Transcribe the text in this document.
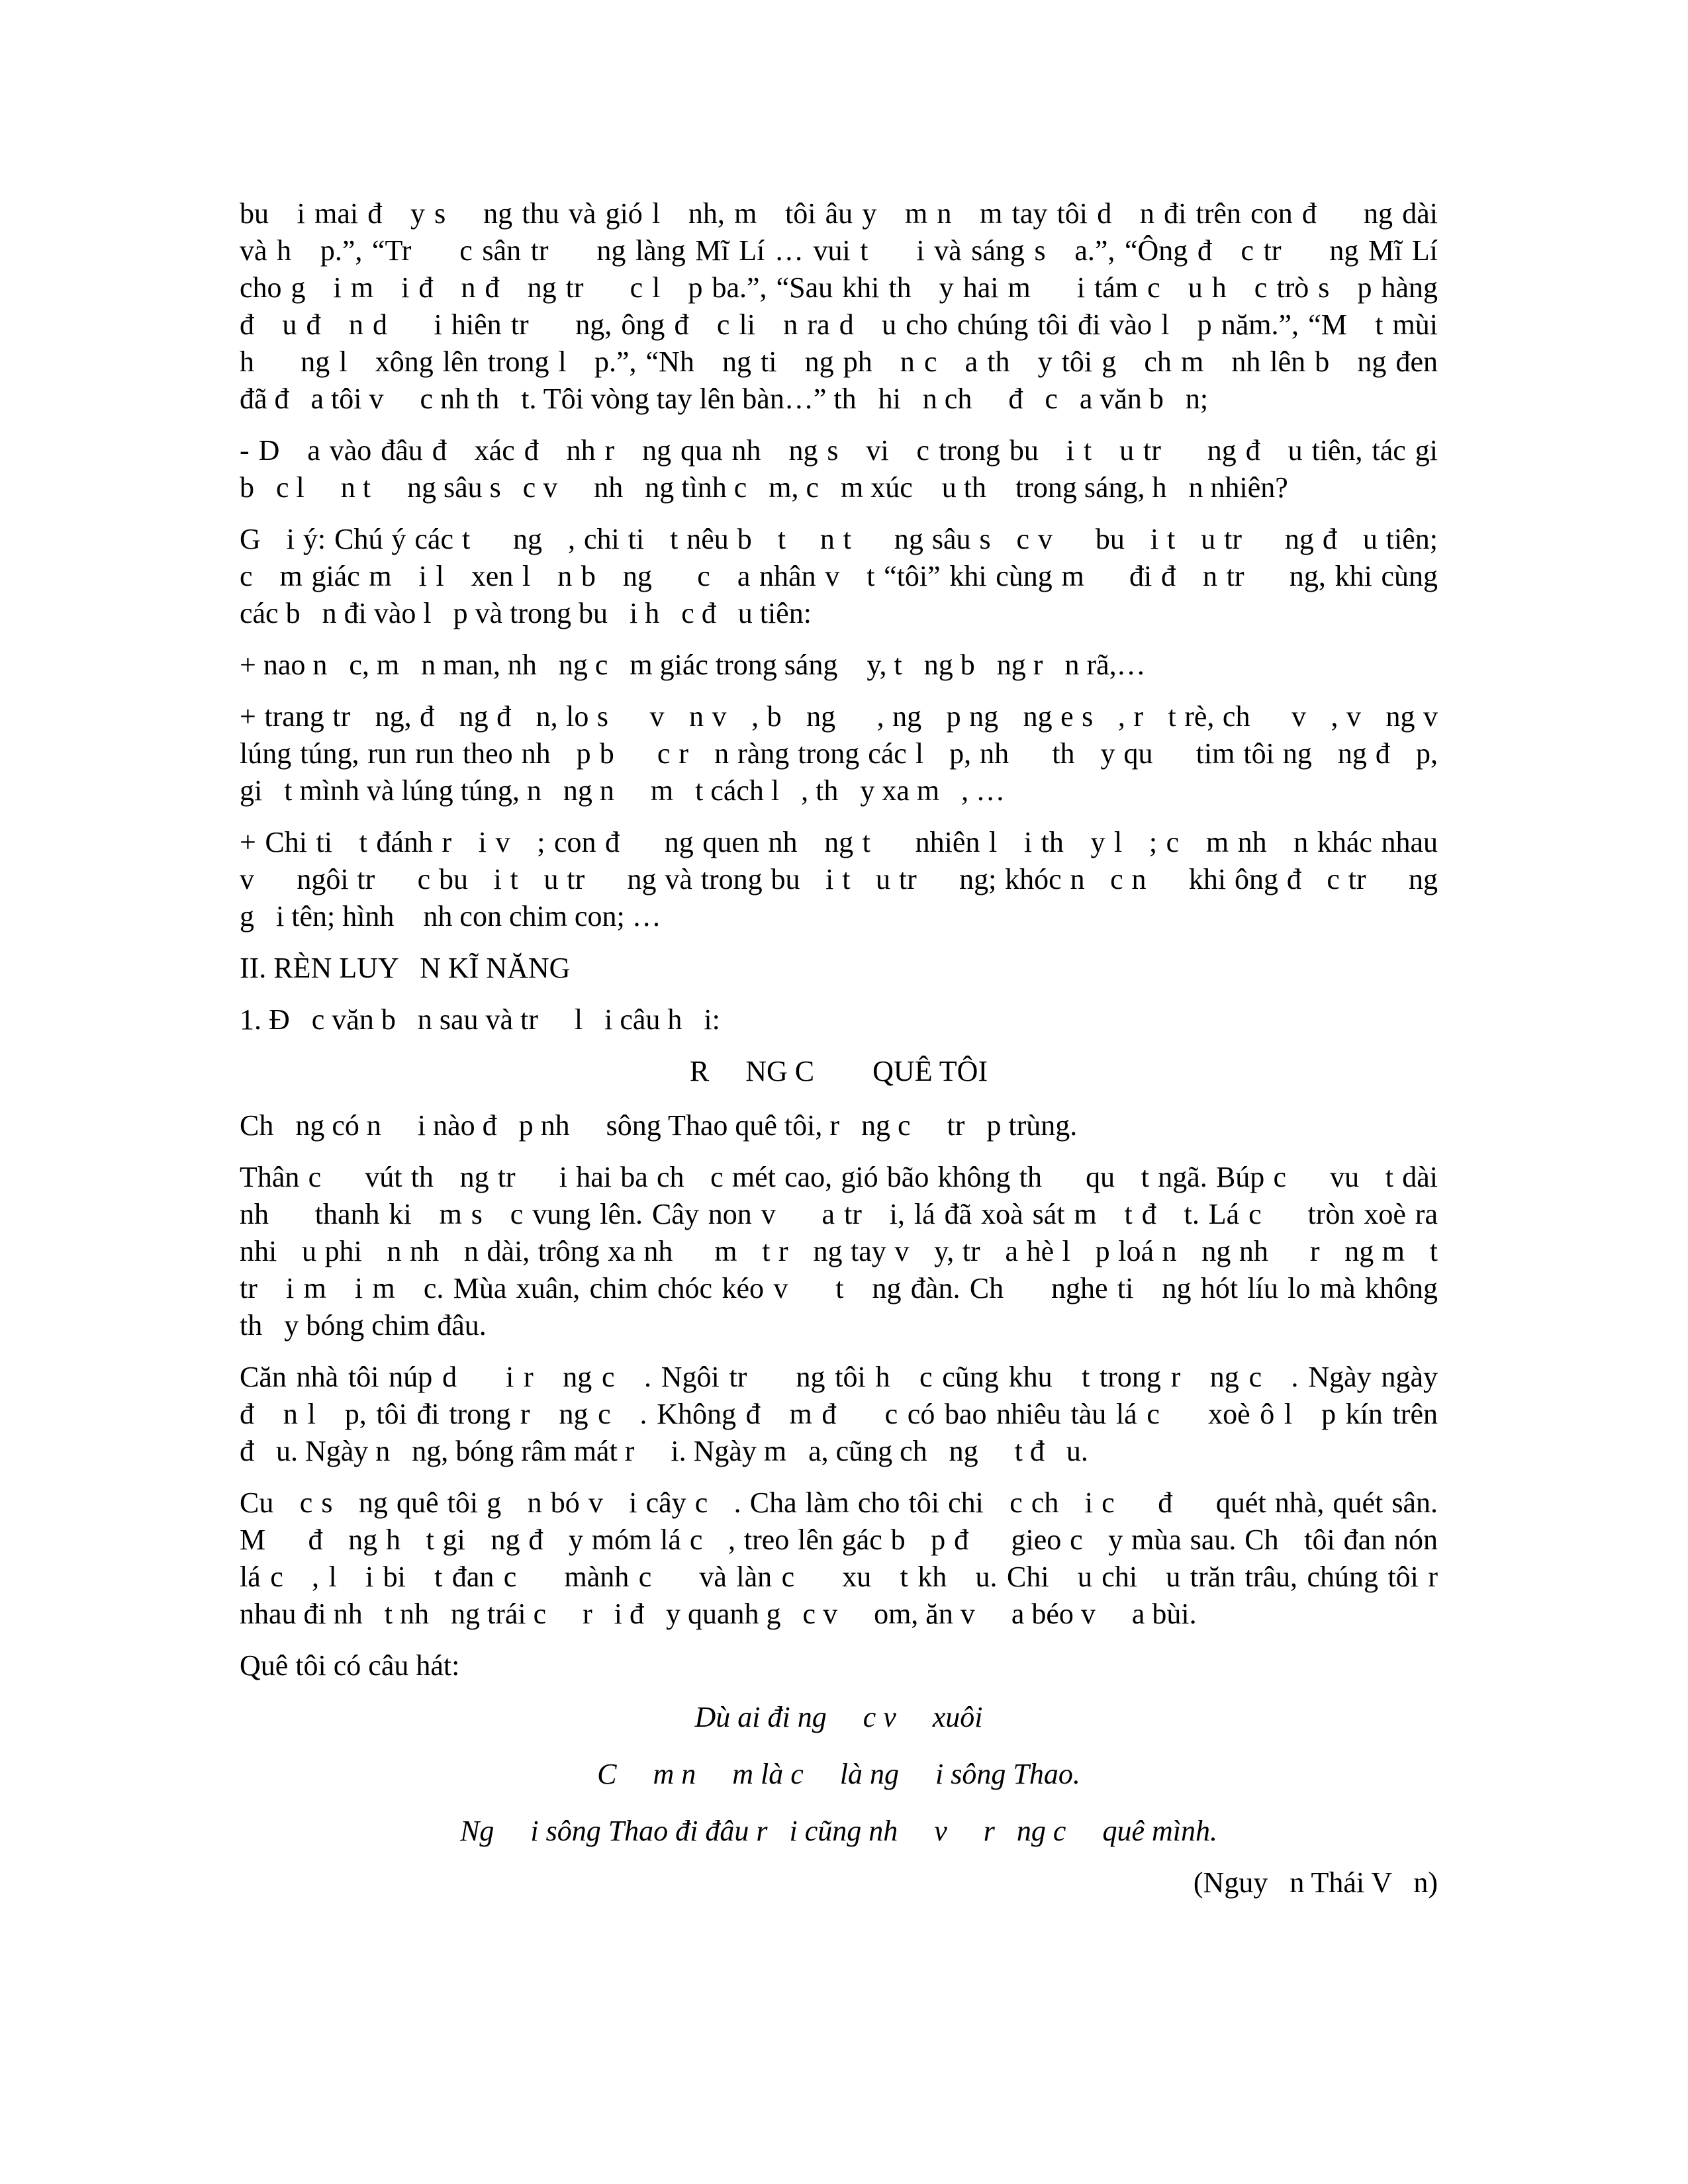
bu   i mai đ   y s    ng thu và gió l   nh, m   tôi âu y   m n   m tay tôi d   n đi trên con đ     ng dài
và h   p.”, “Tr     c sân tr     ng làng Mĩ Lí … vui t     i và sáng s   a.”, “Ông đ   c tr     ng Mĩ Lí
cho g   i m   i đ   n đ   ng tr     c l   p ba.”, “Sau khi th   y hai m     i tám c   u h   c trò s   p hàng
đ   u đ   n d     i hiên tr     ng, ông đ   c li   n ra d   u cho chúng tôi đi vào l   p năm.”, “M   t mùi
h     ng l   xông lên trong l   p.”, “Nh   ng ti   ng ph   n c   a th   y tôi g   ch m   nh lên b   ng đen
đã đ   a tôi v     c nh th   t. Tôi vòng tay lên bàn…” th   hi   n ch     đ   c   a văn b   n;

- D   a vào đâu đ   xác đ   nh r   ng qua nh   ng s   vi   c trong bu   i t   u tr     ng đ   u tiên, tác gi
b   c l     n t     ng sâu s   c v     nh   ng tình c   m, c   m xúc    u th    trong sáng, h   n nhiên?

G   i ý: Chú ý các t     ng   , chi ti   t nêu b   t    n t     ng sâu s   c v     bu   i t   u tr     ng đ   u tiên;
c   m giác m   i l   xen l   n b   ng     c   a nhân v   t “tôi” khi cùng m     đi đ   n tr     ng, khi cùng
các b   n đi vào l   p và trong bu   i h   c đ   u tiên:

+ nao n   c, m   n man, nh   ng c   m giác trong sáng    y, t   ng b   ng r   n rã,…

+ trang tr   ng, đ   ng đ   n, lo s     v   n v   , b   ng     , ng   p ng   ng e s   , r   t rè, ch     v   , v   ng v
lúng túng, run run theo nh   p b     c r   n ràng trong các l   p, nh     th   y qu     tim tôi ng   ng đ   p,
gi   t mình và lúng túng, n   ng n     m   t cách l   , th   y xa m   , …

+ Chi ti   t đánh r   i v   ; con đ     ng quen nh   ng t     nhiên l   i th   y l   ; c   m nh   n khác nhau
v     ngôi tr     c bu   i t   u tr     ng và trong bu   i t   u tr     ng; khóc n   c n     khi ông đ   c tr     ng
g   i tên; hình    nh con chim con; …

II. RÈN LUY   N KĨ NĂNG

1. Đ   c văn b   n sau và tr     l   i câu h   i:

R     NG C        QUÊ TÔI

Ch   ng có n     i nào đ   p nh     sông Thao quê tôi, r   ng c     tr   p trùng.

Thân c     vút th   ng tr     i hai ba ch   c mét cao, gió bão không th     qu   t ngã. Búp c     vu   t dài
nh     thanh ki   m s   c vung lên. Cây non v     a tr   i, lá đã xoà sát m   t đ   t. Lá c     tròn xoè ra
nhi   u phi   n nh   n dài, trông xa nh     m   t r   ng tay v   y, tr   a hè l   p loá n   ng nh     r   ng m   t
tr   i m   i m   c. Mùa xuân, chim chóc kéo v     t   ng đàn. Ch     nghe ti   ng hót líu lo mà không
th   y bóng chim đâu.

Căn nhà tôi núp d     i r   ng c   . Ngôi tr     ng tôi h   c cũng khu   t trong r   ng c   . Ngày ngày
đ   n l   p, tôi đi trong r   ng c   . Không đ   m đ     c có bao nhiêu tàu lá c     xoè ô l   p kín trên
đ   u. Ngày n   ng, bóng râm mát r     i. Ngày m   a, cũng ch   ng     t đ   u.

Cu   c s   ng quê tôi g   n bó v   i cây c   . Cha làm cho tôi chi   c ch   i c     đ     quét nhà, quét sân.
M     đ   ng h   t gi   ng đ   y móm lá c   , treo lên gác b   p đ     gieo c   y mùa sau. Ch   tôi đan nón
lá c   , l   i bi   t đan c     mành c     và làn c     xu   t kh   u. Chi   u chi   u trăn trâu, chúng tôi r
nhau đi nh   t nh   ng trái c     r   i đ   y quanh g   c v     om, ăn v     a béo v     a bùi.

Quê tôi có câu hát:

Dù ai đi ng     c v     xuôi
C     m n     m là c     là ng     i sông Thao.
Ng     i sông Thao đi đâu r   i cũng nh     v     r   ng c     quê mình.
(Nguy   n Thái V   n)
